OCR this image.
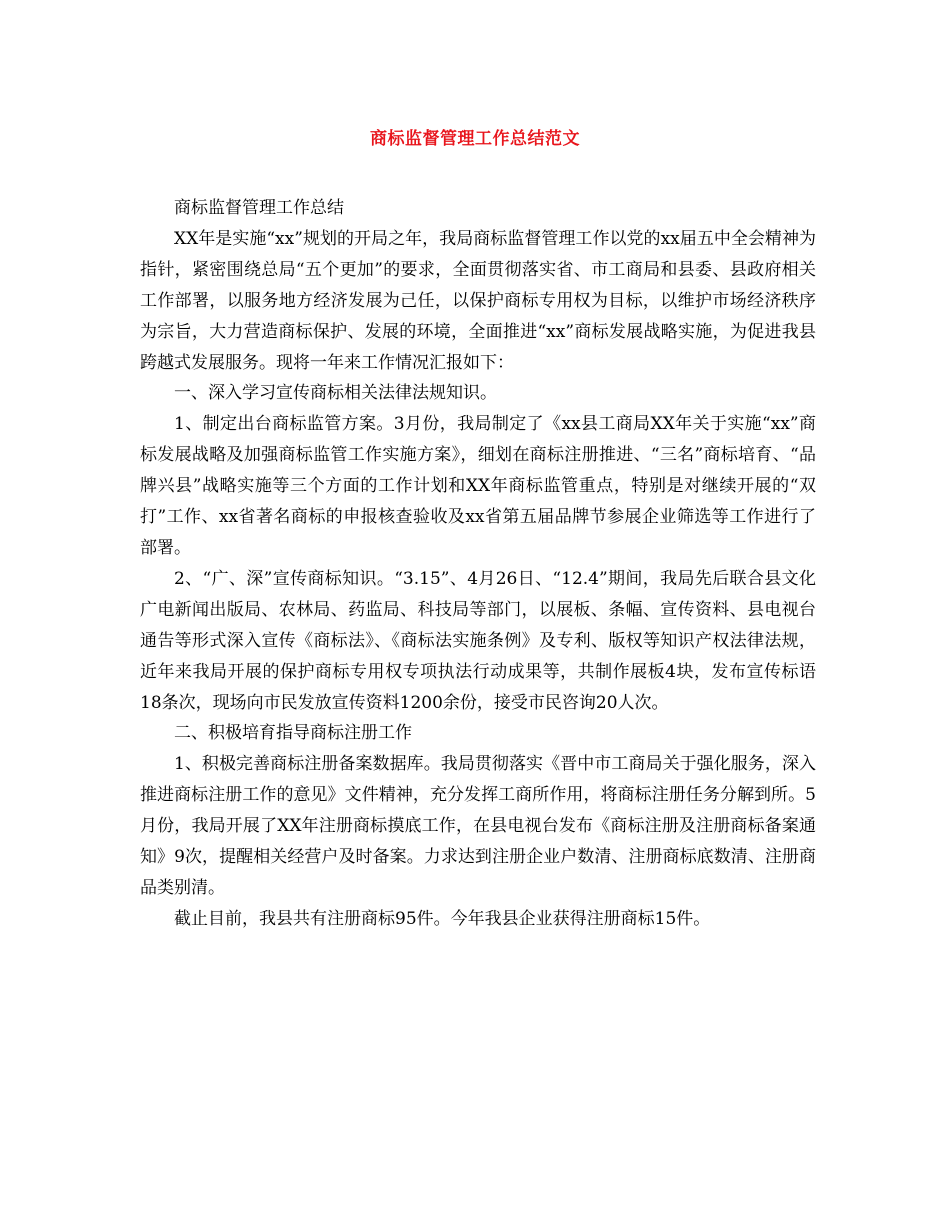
商标监督管理工作总结范文

商标监督管理工作总结

XX年是实施“xx”规划的开局之年，我局商标监督管理工作以党的xx届五中全会精神为指针，紧密围绕总局“五个更加”的要求，全面贯彻落实省、市工商局和县委、县政府相关工作部署，以服务地方经济发展为己任，以保护商标专用权为目标，以维护市场经济秩序为宗旨，大力营造商标保护、发展的环境，全面推进“xx”商标发展战略实施，为促进我县跨越式发展服务。现将一年来工作情况汇报如下：

一、深入学习宣传商标相关法律法规知识。

1、制定出台商标监管方案。3月份，我局制定了《xx县工商局XX年关于实施“xx”商标发展战略及加强商标监管工作实施方案》，细划在商标注册推进、“三名”商标培育、“品牌兴县”战略实施等三个方面的工作计划和XX年商标监管重点，特别是对继续开展的“双打”工作、xx省著名商标的申报核查验收及xx省第五届品牌节参展企业筛选等工作进行了部署。

2、“广、深”宣传商标知识。“3.15”、4月26日、“12.4”期间，我局先后联合县文化广电新闻出版局、农林局、药监局、科技局等部门，以展板、条幅、宣传资料、县电视台通告等形式深入宣传《商标法》、《商标法实施条例》及专利、版权等知识产权法律法规，近年来我局开展的保护商标专用权专项执法行动成果等，共制作展板4块，发布宣传标语18条次，现场向市民发放宣传资料1200余份，接受市民咨询20人次。

二、积极培育指导商标注册工作

1、积极完善商标注册备案数据库。我局贯彻落实《晋中市工商局关于强化服务，深入推进商标注册工作的意见》文件精神，充分发挥工商所作用，将商标注册任务分解到所。5月份，我局开展了XX年注册商标摸底工作，在县电视台发布《商标注册及注册商标备案通知》9次，提醒相关经营户及时备案。力求达到注册企业户数清、注册商标底数清、注册商品类别清。

截止目前，我县共有注册商标95件。今年我县企业获得注册商标15件。
